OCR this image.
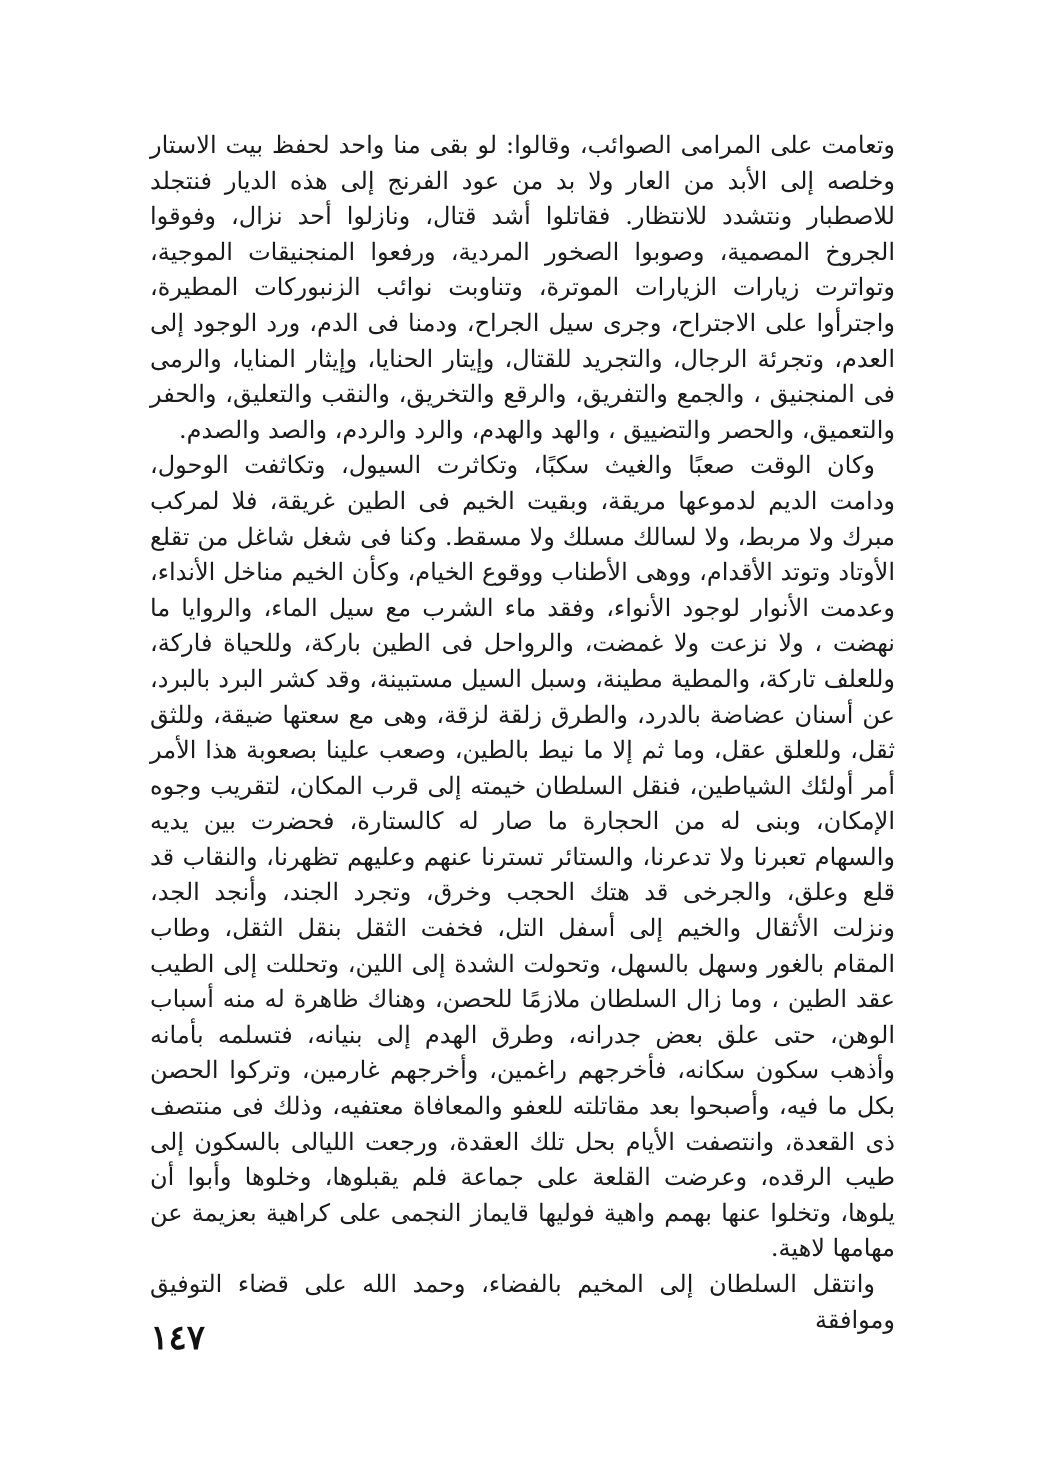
وتعامت على المرامى الصوائب، وقالوا: لو بقى منا واحد لحفظ بيت الاستار وخلصه إلى الأبد من العار ولا بد من عود الفرنج إلى هذه الديار فنتجلد للاصطبار ونتشدد للانتظار. فقاتلوا أشد قتال، ونازلوا أحد نزال، وفوقوا الجروخ المصمية، وصوبوا الصخور المردية، ورفعوا المنجنيقات الموجية، وتواترت زيارات الزيارات الموترة، وتناوبت نوائب الزنبوركات المطيرة، واجترأوا على الاجتراح، وجرى سيل الجراح، ودمنا فى الدم، ورد الوجود إلى العدم، وتجرئة الرجال، والتجريد للقتال، وإيتار الحنايا، وإيثار المنايا، والرمى فى المنجنيق ، والجمع والتفريق، والرقع والتخريق، والنقب والتعليق، والحفر والتعميق، والحصر والتضييق ، والهد والهدم، والرد والردم، والصد والصدم.

وكان الوقت صعبًا والغيث سكبًا، وتكاثرت السيول، وتكاثفت الوحول، ودامت الديم لدموعها مريقة، وبقيت الخيم فى الطين غريقة، فلا لمركب مبرك ولا مربط، ولا لسالك مسلك ولا مسقط. وكنا فى شغل شاغل من تقلع الأوتاد وتوتد الأقدام، ووهى الأطناب ووقوع الخيام، وكأن الخيم مناخل الأنداء، وعدمت الأنوار لوجود الأنواء، وفقد ماء الشرب مع سيل الماء، والروايا ما نهضت ، ولا نزعت ولا غمضت، والرواحل فى الطين باركة، وللحياة فاركة، وللعلف تاركة، والمطية مطينة، وسبل السيل مستبينة، وقد كشر البرد بالبرد، عن أسنان عضاضة بالدرد، والطرق زلقة لزقة، وهى مع سعتها ضيقة، وللثق ثقل، وللعلق عقل، وما ثم إلا ما نيط بالطين، وصعب علينا بصعوبة هذا الأمر أمر أولئك الشياطين، فنقل السلطان خيمته إلى قرب المكان، لتقريب وجوه الإمكان، وبنى له من الحجارة ما صار له كالستارة، فحضرت بين يديه والسهام تعبرنا ولا تدعرنا، والستائر تسترنا عنهم وعليهم تظهرنا، والنقاب قد قلع وعلق، والجرخى قد هتك الحجب وخرق، وتجرد الجند، وأنجد الجد، ونزلت الأثقال والخيم إلى أسفل التل، فخفت الثقل بنقل الثقل، وطاب المقام بالغور وسهل بالسهل، وتحولت الشدة إلى اللين، وتحللت إلى الطيب عقد الطين ، وما زال السلطان ملازمًا للحصن، وهناك ظاهرة له منه أسباب الوهن، حتى علق بعض جدرانه، وطرق الهدم إلى بنيانه، فتسلمه بأمانه وأذهب سكون سكانه، فأخرجهم راغمين، وأخرجهم غارمين، وتركوا الحصن بكل ما فيه، وأصبحوا بعد مقاتلته للعفو والمعافاة معتفيه، وذلك فى منتصف ذى القعدة، وانتصفت الأيام بحل تلك العقدة، ورجعت الليالى بالسكون إلى طيب الرقده، وعرضت القلعة على جماعة فلم يقبلوها، وخلوها وأبوا أن يلوها، وتخلوا عنها بهمم واهية فوليها قايماز النجمى على كراهية بعزيمة عن مهامها لاهية.

وانتقل السلطان إلى المخيم بالفضاء، وحمد الله على قضاء التوفيق وموافقة

١٤٧
